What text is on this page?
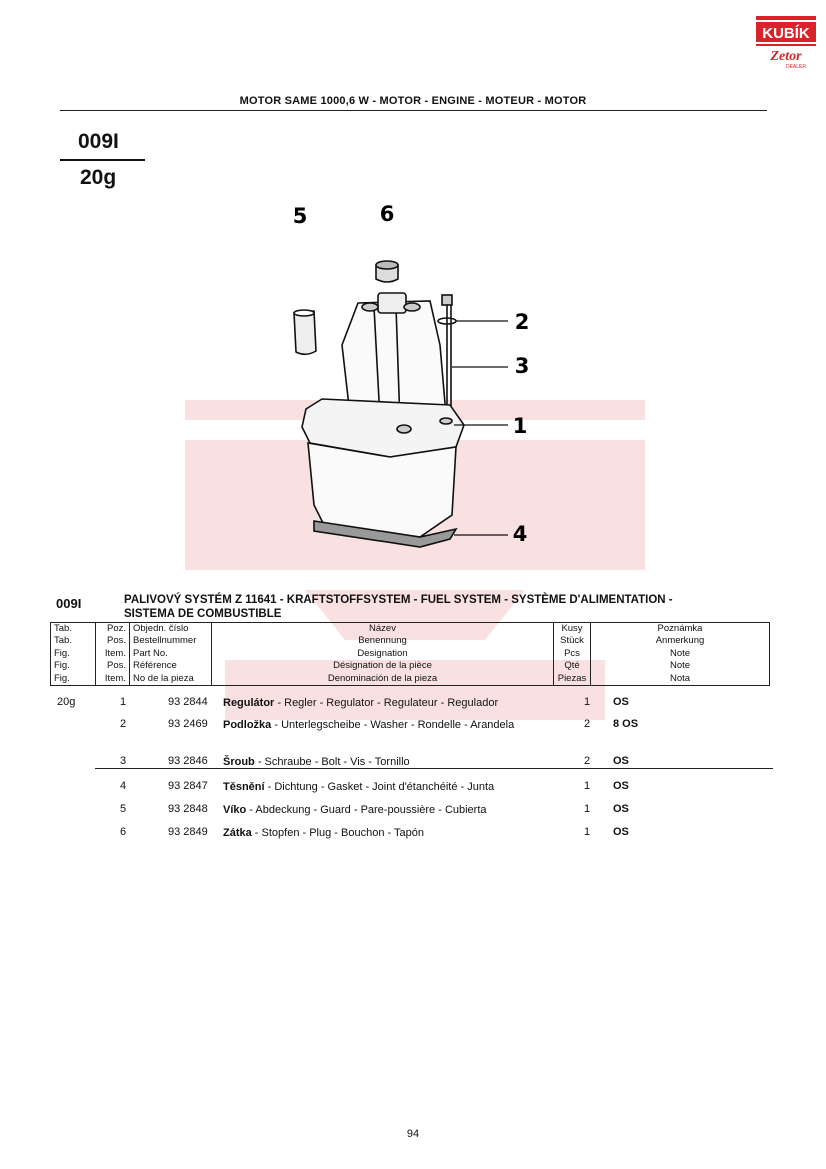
KUBÍK
Zetor
DEALER
MOTOR SAME 1000,6 W - MOTOR - ENGINE - MOTEUR - MOTOR
009I
20g
5	6
2
3
1
4
009I	PALIVOVÝ SYSTÉM Z 11641 - KRAFTSTOFFSYSTEM - FUEL SYSTEM - SYSTÈME D'ALIMENTATION -
SISTEMA DE COMBUSTIBLE
Tab.
Tab.
Fig.
Fig.
Fig.

Poz.
Pos.
Item.
Pos.
Item.

Objedn. číslo
Bestellnummer
Part No.
Référence
No de la pieza

Název
Benennung
Designation
Désignation de la pièce
Denominación de la pieza

Kusy
Stück
Pcs
Qté
Piezas

Poznámka
Anmerkung
Note
Note
Nota
20g	1	93 2844 Regulátor - Regler - Regulator - Regulateur - Regulador	1 OS
2	93 2469 Podložka - Unterlegscheibe - Washer - Rondelle - Arandela	2 8 OS
3	93 2846 Šroub - Schraube - Bolt - Vis - Tornillo	2 OS
4	93 2847 Těsnění - Dichtung - Gasket - Joint d'étanchéité - Junta	1 OS
5	93 2848 Víko - Abdeckung - Guard - Pare-poussière - Cubierta	1 OS
6	93 2849 Zátka - Stopfen - Plug - Bouchon - Tapón	1 OS
94
